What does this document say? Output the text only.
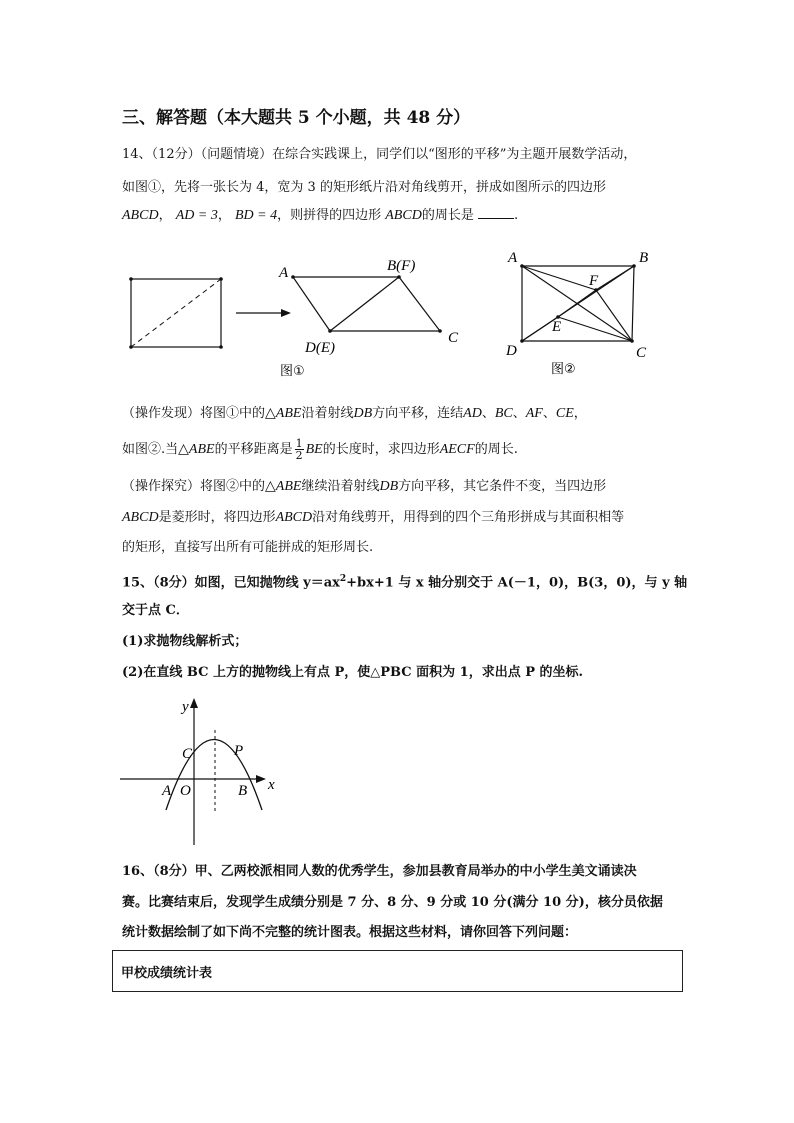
三、解答题（本大题共 5 个小题，共 48 分）
14、（12分）（问题情境）在综合实践课上，同学们以“图形的平移”为主题开展数学活动，
如图①，先将一张长为 4，宽为 3 的矩形纸片沿对角线剪开，拼成如图所示的四边形
ABCD， AD = 3， BD = 4，则拼得的四边形 ABCD的周长是	.
A	B(F)
C
D(E)
图①
A	B
C
D
E
F
图②
（操作发现）将图①中的△ABE沿着射线DB方向平移，连结AD、BC、AF、CE，
如图②.当△ABE的平移距离是 $\frac{1}{2}$ BE的长度时，求四边形AECF的周长.
（操作探究）将图②中的△ABE继续沿着射线DB方向平移，其它条件不变，当四边形
ABCD是菱形时，将四边形ABCD沿对角线剪开，用得到的四个三角形拼成与其面积相等
的矩形，直接写出所有可能拼成的矩形周长.
15、（8分）如图，已知抛物线 $y=ax^2+bx+1$ 与 x 轴分别交于 A(－1，0)，B(3，0)，与 y 轴
交于点 C．
(1)求抛物线解析式；
(2)在直线 BC 上方的抛物线上有点 P，使△PBC 面积为 1，求出点 P 的坐标.
y
x
C	P
A O	B
16、（8分）甲、乙两校派相同人数的优秀学生，参加县教育局举办的中小学生美文诵读决
赛。比赛结束后，发现学生成绩分别是 7 分、8 分、9 分或 10 分(满分 10 分)，核分员依据
统计数据绘制了如下尚不完整的统计图表。根据这些材料，请你回答下列问题：
甲校成绩统计表
